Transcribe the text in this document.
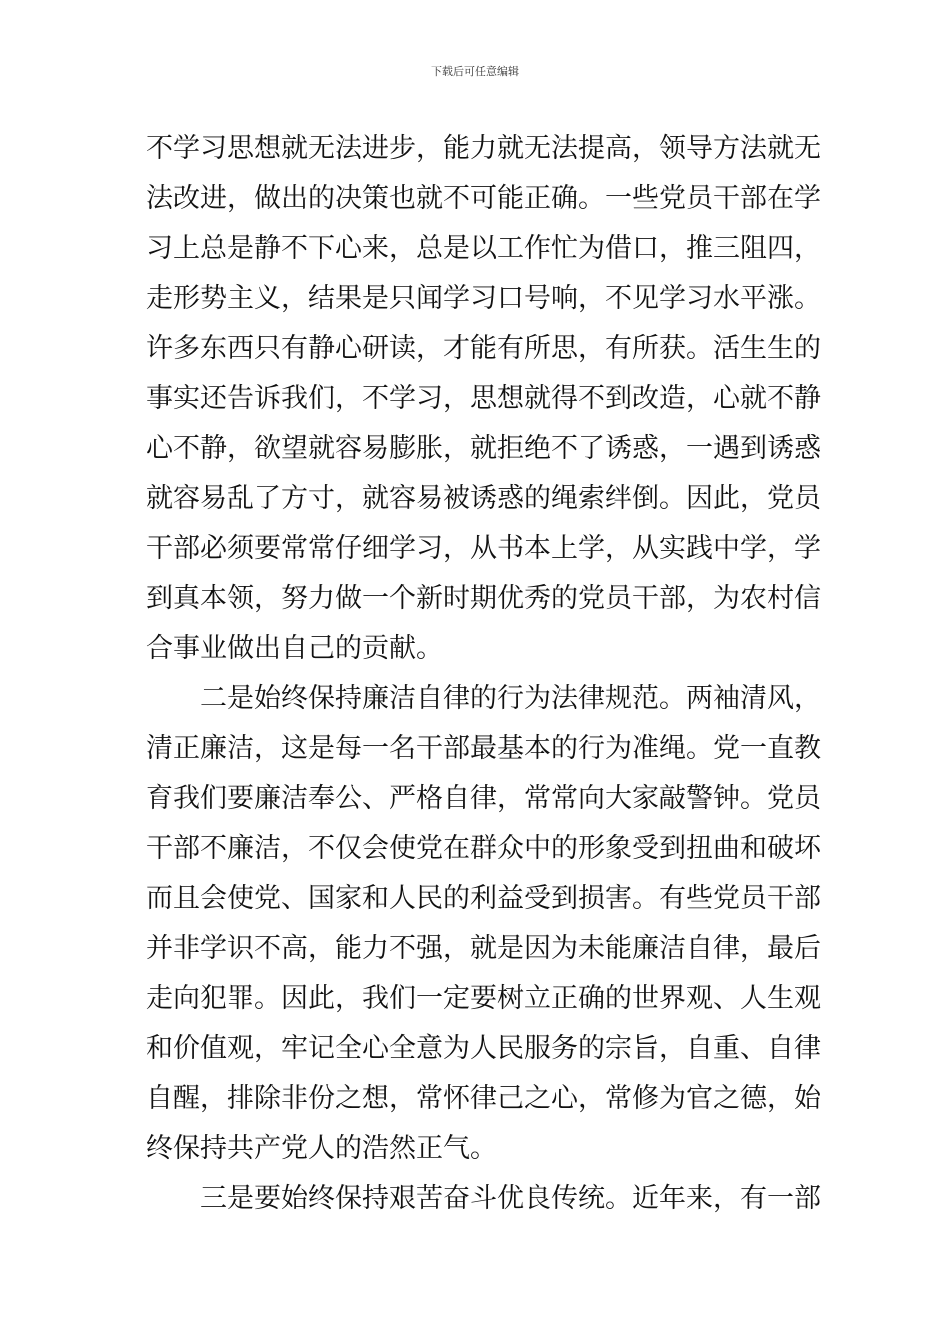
下载后可任意编辑
不学习思想就无法进步，能力就无法提高，领导方法就无
法改进，做出的决策也就不可能正确。一些党员干部在学
习上总是静不下心来，总是以工作忙为借口，推三阻四，
走形势主义，结果是只闻学习口号响，不见学习水平涨。
许多东西只有静心研读，才能有所思，有所获。活生生的
事实还告诉我们，不学习，思想就得不到改造，心就不静
心不静，欲望就容易膨胀，就拒绝不了诱惑，一遇到诱惑
就容易乱了方寸，就容易被诱惑的绳索绊倒。因此，党员
干部必须要常常仔细学习，从书本上学，从实践中学，学
到真本领，努力做一个新时期优秀的党员干部，为农村信
合事业做出自己的贡献。
二是始终保持廉洁自律的行为法律规范。两袖清风，
清正廉洁，这是每一名干部最基本的行为准绳。党一直教
育我们要廉洁奉公、严格自律，常常向大家敲警钟。党员
干部不廉洁，不仅会使党在群众中的形象受到扭曲和破坏
而且会使党、国家和人民的利益受到损害。有些党员干部
并非学识不高，能力不强，就是因为未能廉洁自律，最后
走向犯罪。因此，我们一定要树立正确的世界观、人生观
和价值观，牢记全心全意为人民服务的宗旨，自重、自律
自醒，排除非份之想，常怀律己之心，常修为官之德，始
终保持共产党人的浩然正气。
三是要始终保持艰苦奋斗优良传统。近年来，有一部
